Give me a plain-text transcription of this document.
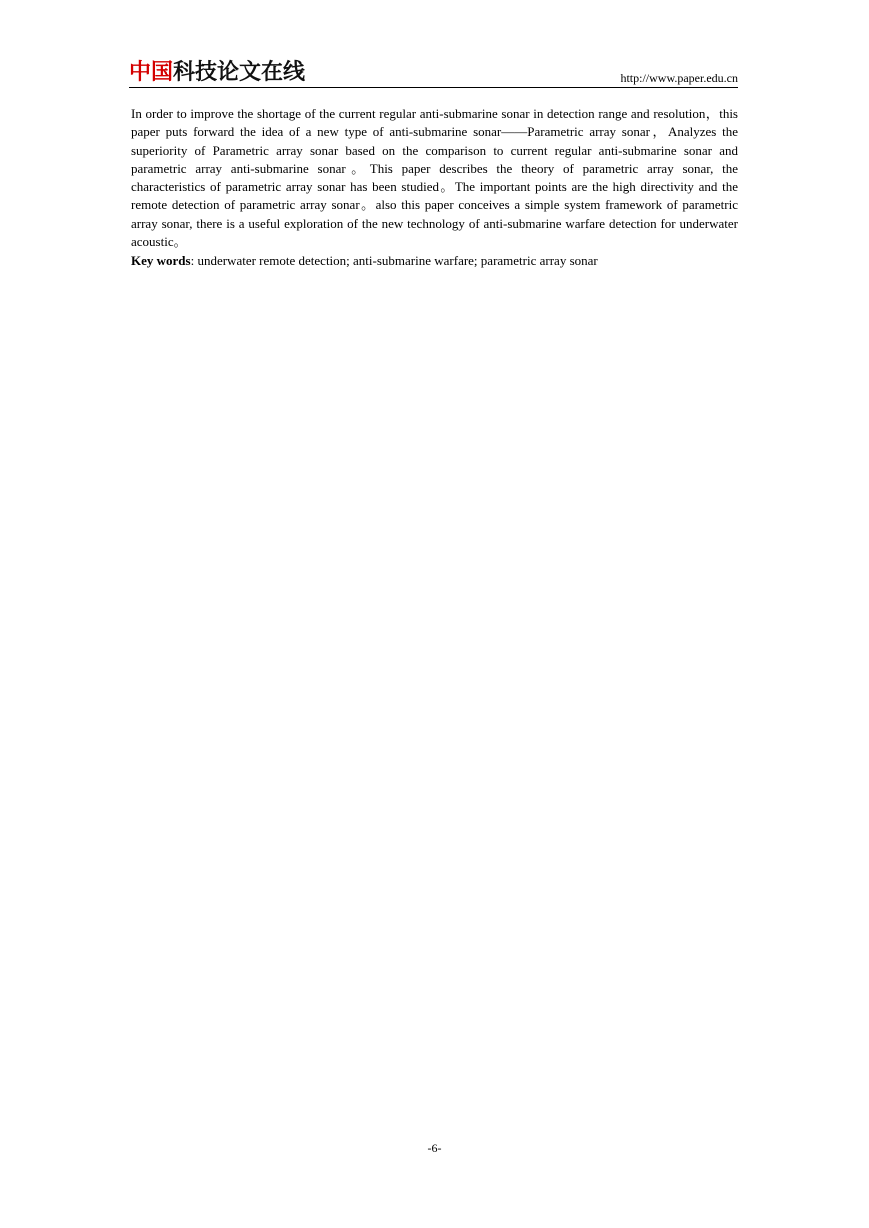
中国 科技论文在线	http://www.paper.edu.cn

In order to improve the shortage of the current regular anti-submarine sonar in detection range and resolution，this paper puts forward the idea of a new type of anti-submarine sonar——Parametric array sonar，Analyzes the superiority of Parametric array sonar based on the comparison to current regular anti-submarine sonar and parametric array anti-submarine sonar。This paper describes the theory of parametric array sonar, the characteristics of parametric array sonar has been studied。The important points are the high directivity and the remote detection of parametric array sonar。also this paper conceives a simple system framework of parametric array sonar, there is a useful exploration of the new technology of anti-submarine warfare detection for underwater acoustic。

Key words: underwater remote detection; anti-submarine warfare; parametric array sonar
-6-
